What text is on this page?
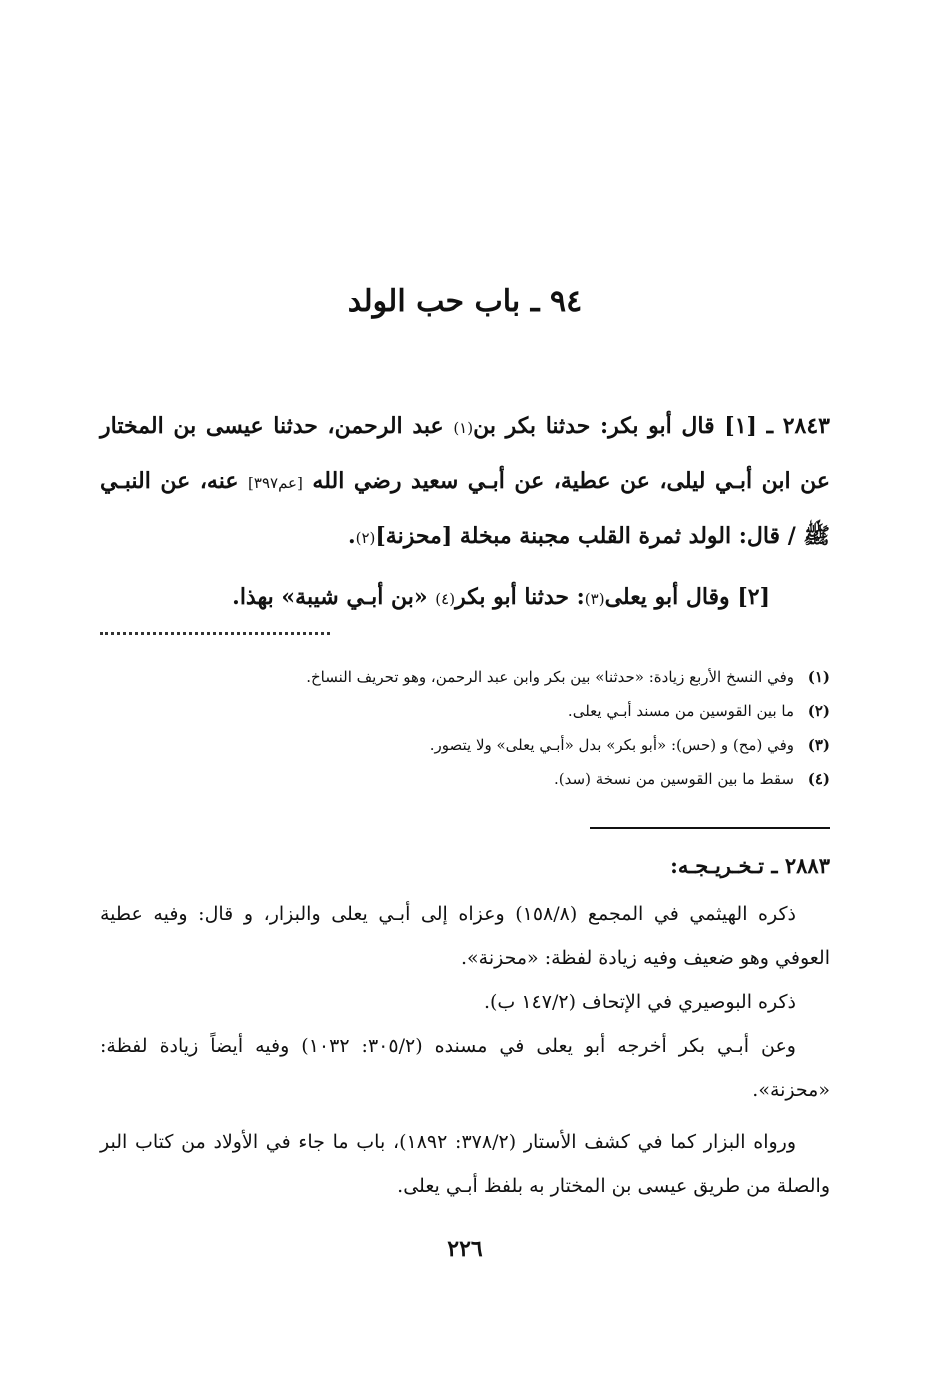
٩٤ ـ باب حب الولد

٢٨٤٣ ـ [١] قال أبو بكر: حدثنا بكر بن(١) عبد الرحمن، حدثنا عيسى بن المختار عن ابن أبـي ليلى، عن عطية، عن أبـي سعيد رضي الله [عم٣٩٧] عنه، عن النبـي ﷺ / قال: الولد ثمرة القلب مجبنة مبخلة [محزنة](٢).

[٢] وقال أبو يعلى(٣): حدثنا أبو بكر(٤) «بن أبـي شيبة» بهذا.

(١)
وفي النسخ الأربع زيادة: «حدثنا» بين بكر وابن عبد الرحمن، وهو تحريف النساخ.
(٢)
ما بين القوسين من مسند أبـي يعلى.
(٣)
وفي (مح) و (حس): «أبو بكر» بدل «أبـي يعلى» ولا يتصور.
(٤)
سقط ما بين القوسين من نسخة (سد).
٢٨٨٣ ـ تـخـريـجـه:

ذكره الهيثمي في المجمع (١٥٨/٨) وعزاه إلى أبـي يعلى والبزار، و قال: وفيه عطية العوفي وهو ضعيف وفيه زيادة لفظة: «محزنة».

ذكره البوصيري في الإتحاف (١٤٧/٢ ب).

وعن أبـي بكر أخرجه أبو يعلى في مسنده (٣٠٥/٢: ١٠٣٢) وفيه أيضاً زيادة لفظة: «محزنة».

ورواه البزار كما في كشف الأستار (٣٧٨/٢: ١٨٩٢)، باب ما جاء في الأولاد من كتاب البر والصلة من طريق عيسى بن المختار به بلفظ أبـي يعلى.

٢٢٦
